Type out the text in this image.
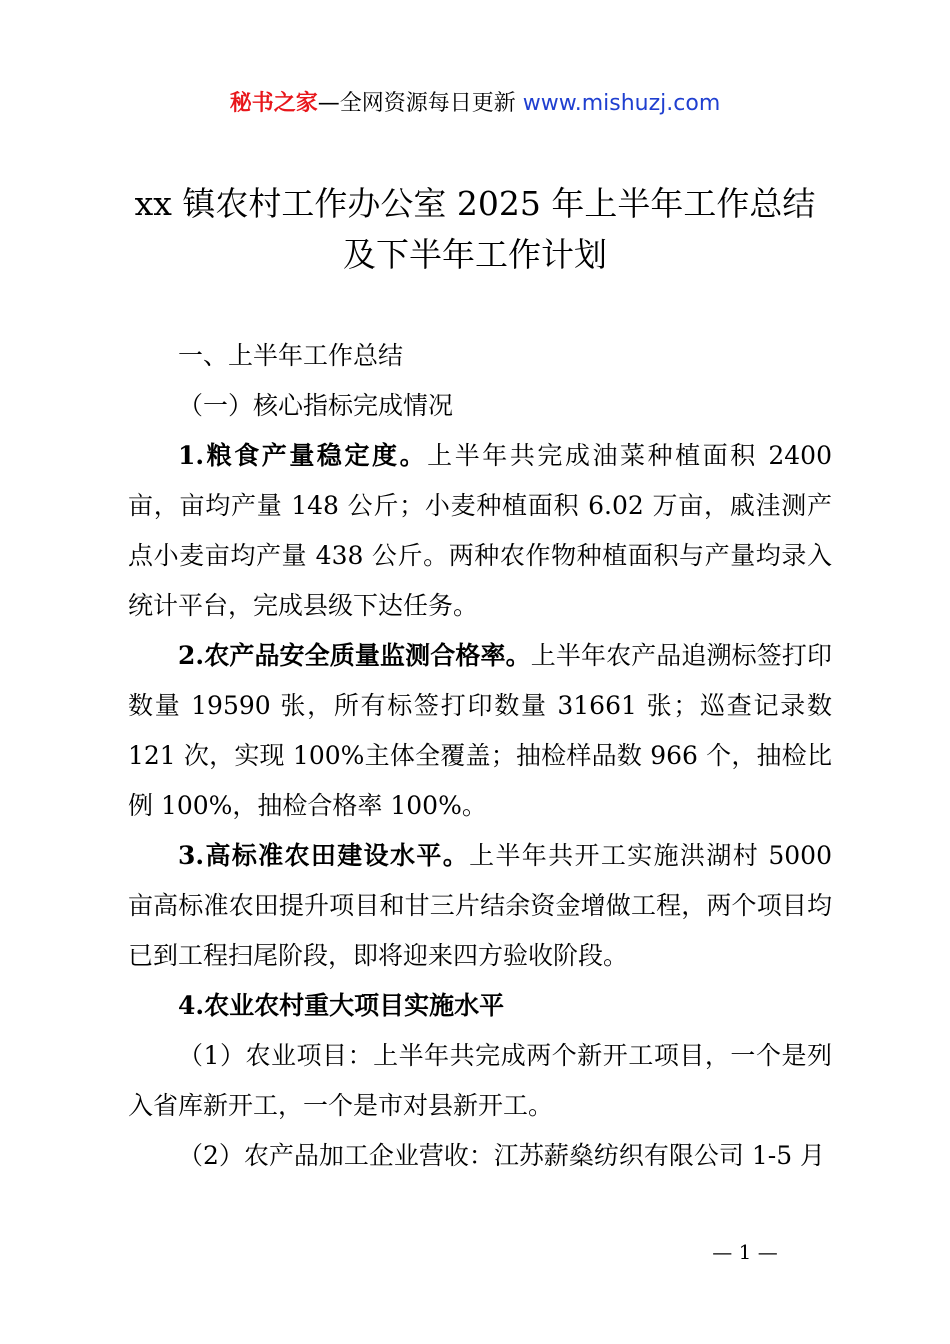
秘书之家—全网资源每日更新 www.mishuzj.com
xx 镇农村工作办公室 2025 年上半年工作总结
及下半年工作计划

一、上半年工作总结

（一）核心指标完成情况

1.粮食产量稳定度。上半年共完成油菜种植面积 2400 亩，亩均产量 148 公斤；小麦种植面积 6.02 万亩，戚洼测产点小麦亩均产量 438 公斤。两种农作物种植面积与产量均录入统计平台，完成县级下达任务。

2.农产品安全质量监测合格率。上半年农产品追溯标签打印数量 19590 张，所有标签打印数量 31661 张；巡查记录数 121 次，实现 100%主体全覆盖；抽检样品数 966 个，抽检比例 100%，抽检合格率 100%。

3.高标准农田建设水平。上半年共开工实施洪湖村 5000 亩高标准农田提升项目和甘三片结余资金增做工程，两个项目均已到工程扫尾阶段，即将迎来四方验收阶段。

4.农业农村重大项目实施水平

（1）农业项目：上半年共完成两个新开工项目，一个是列入省库新开工，一个是市对县新开工。

（2）农产品加工企业营收：江苏薪燊纺织有限公司 1-5 月

— 1 —
